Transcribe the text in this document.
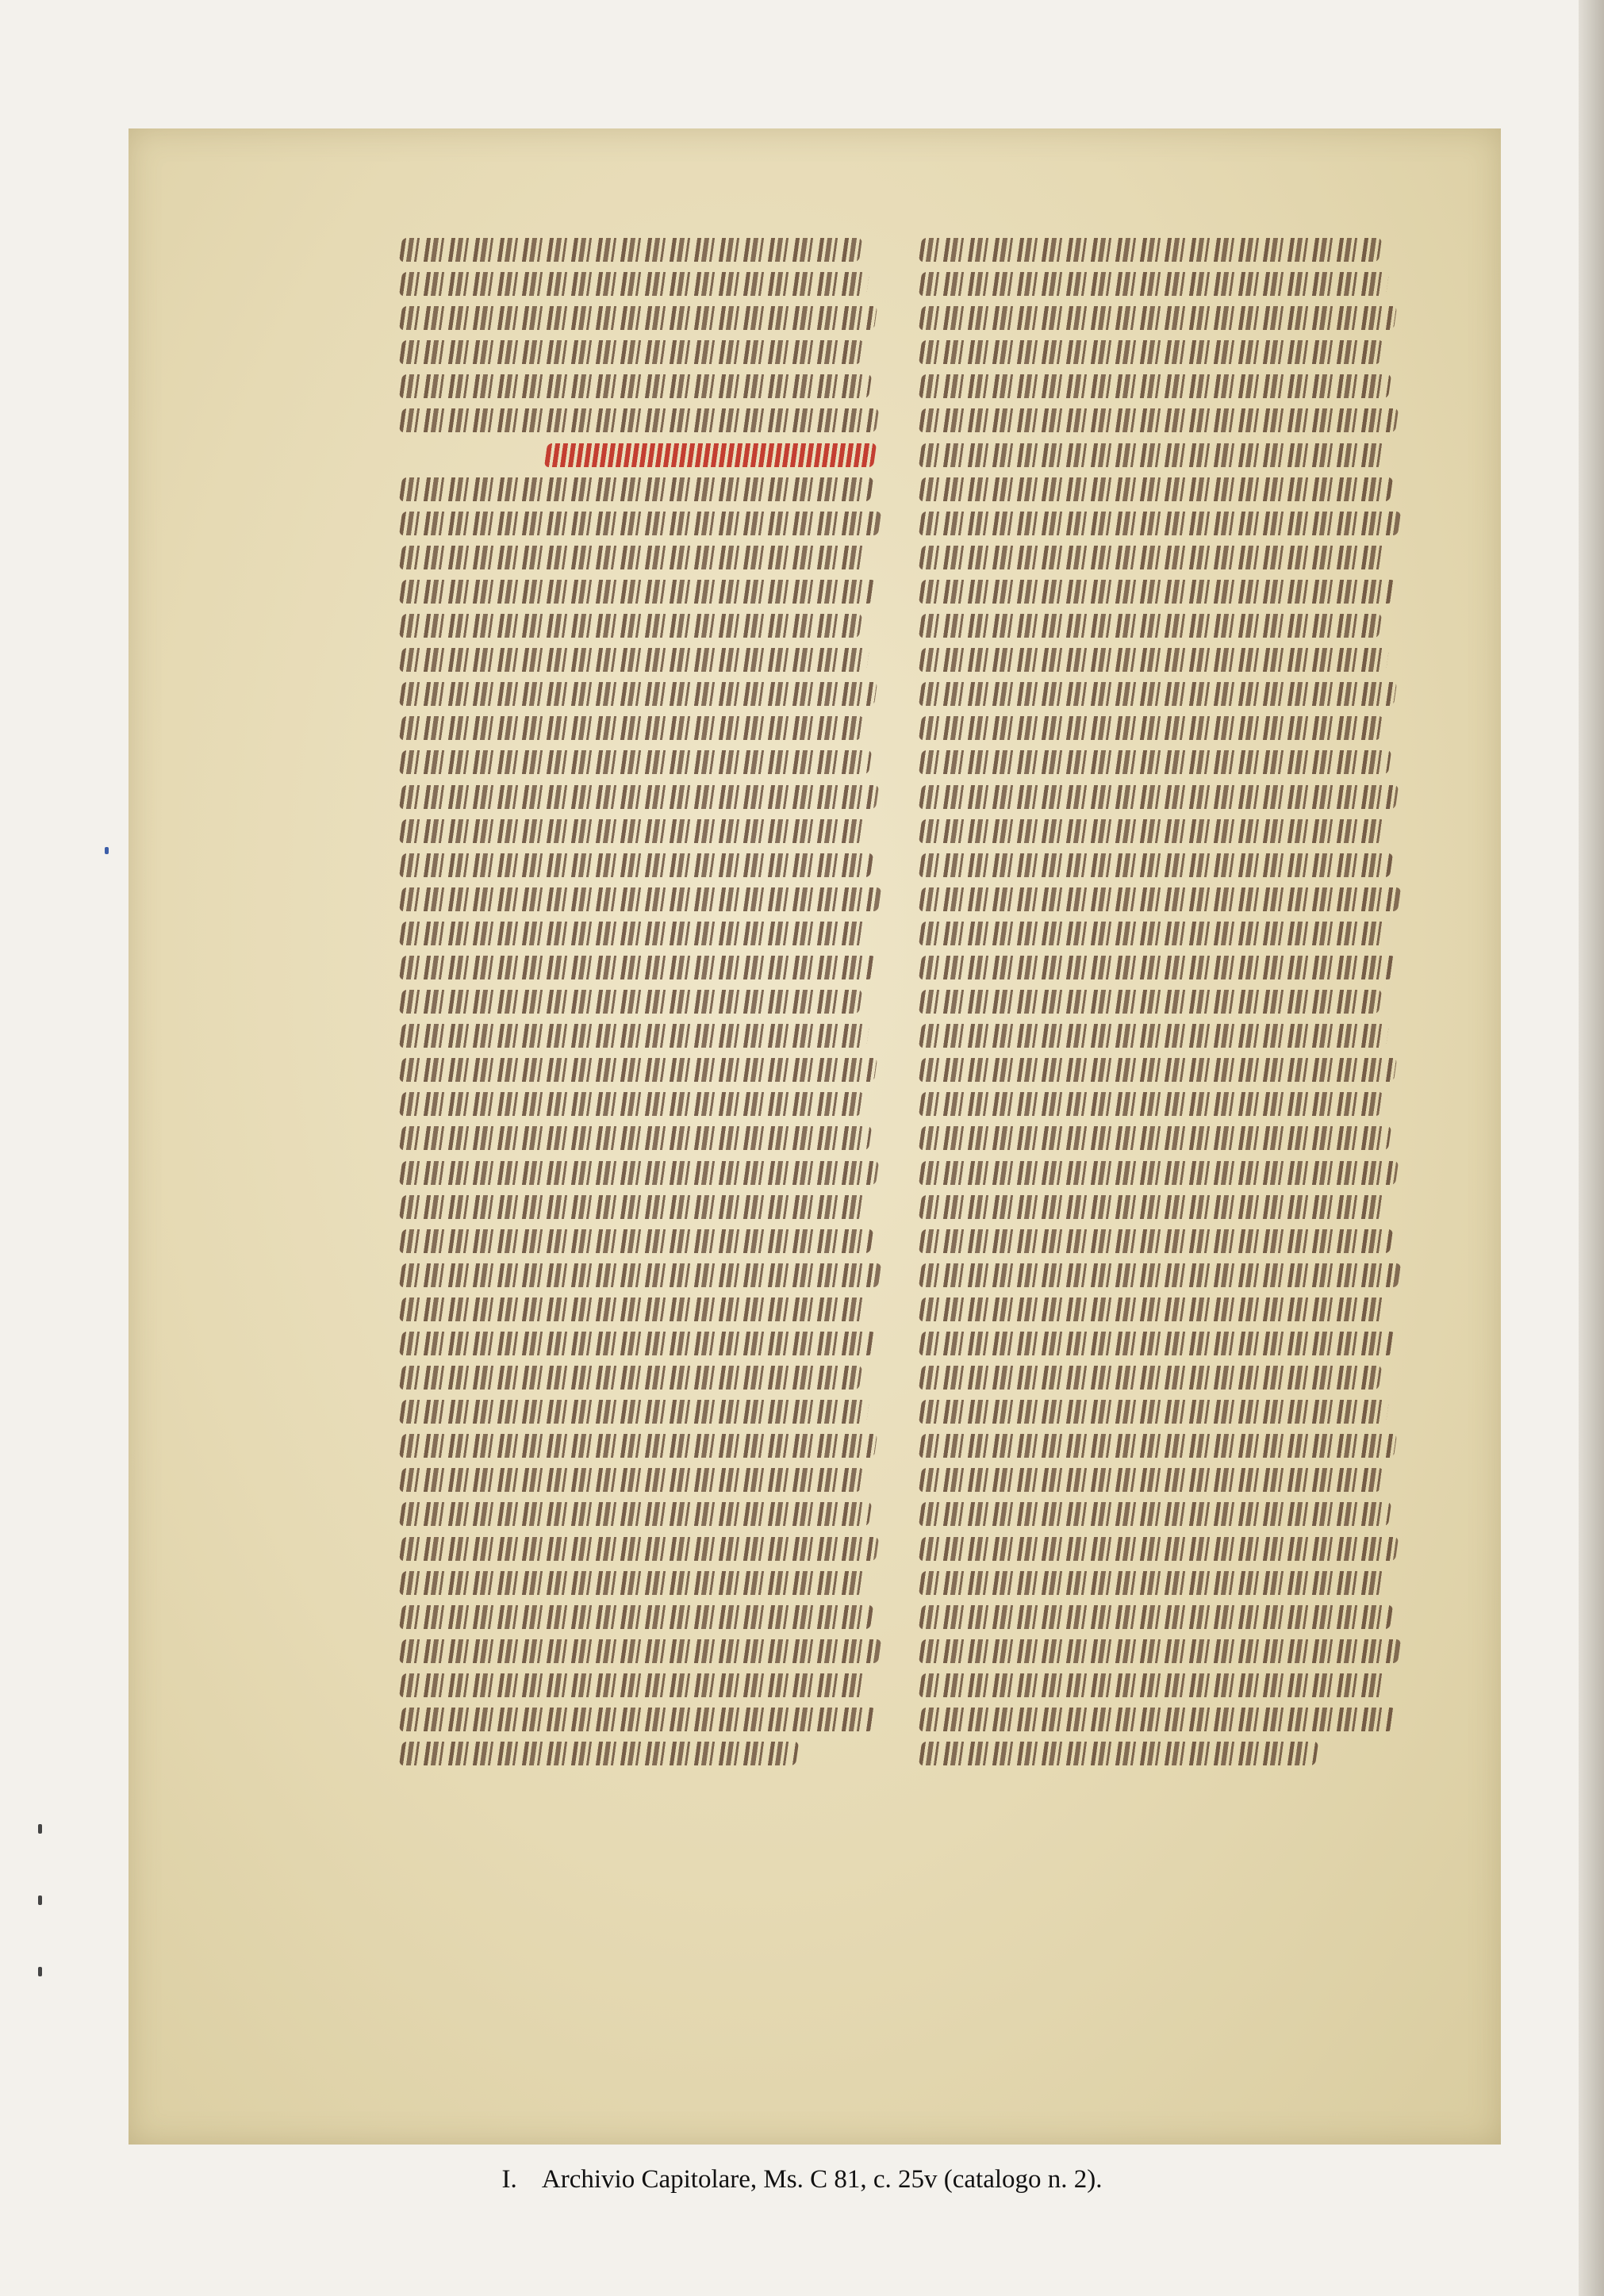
I. Archivio Capitolare, Ms. C 81, c. 25v (catalogo n. 2).
